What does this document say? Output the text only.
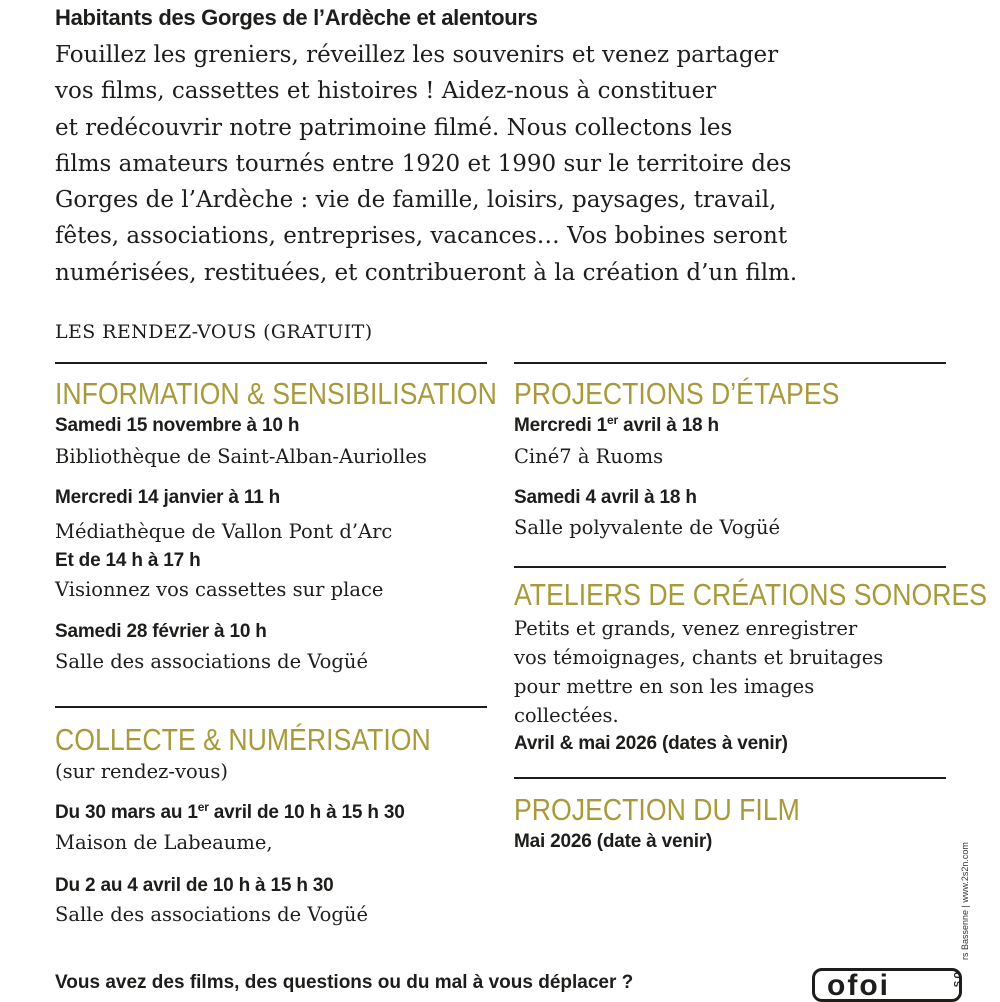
Habitants des Gorges de l’Ardèche et alentours
Fouillez les greniers, réveillez les souvenirs et venez partager
vos films, cassettes et histoires ! Aidez-nous à constituer
et redécouvrir notre patrimoine filmé. Nous collectons les
films amateurs tournés entre 1920 et 1990 sur le territoire des
Gorges de l’Ardèche : vie de famille, loisirs, paysages, travail,
fêtes, associations, entreprises, vacances… Vos bobines seront
numérisées, restituées, et contribueront à la création d’un film.
LES RENDEZ-VOUS (GRATUIT)
INFORMATION & SENSIBILISATION
Samedi 15 novembre à 10 h
Bibliothèque de Saint-Alban-Auriolles
Mercredi 14 janvier à 11 h
Médiathèque de Vallon Pont d’Arc
Et de 14 h à 17 h
Visionnez vos cassettes sur place
Samedi 28 février à 10 h
Salle des associations de Vogüé
COLLECTE & NUMÉRISATION
(sur rendez-vous)
Du 30 mars au 1er avril de 10 h à 15 h 30
Maison de Labeaume,
Du 2 au 4 avril de 10 h à 15 h 30
Salle des associations de Vogüé
PROJECTIONS D’ÉTAPES
Mercredi 1er avril à 18 h
Ciné7 à Ruoms
Samedi 4 avril à 18 h
Salle polyvalente de Vogüé
ATELIERS DE CRÉATIONS SONORES
Petits et grands, venez enregistrer
vos témoignages, chants et bruitages
pour mettre en son les images
collectées.
Avril & mai 2026 (dates à venir)
PROJECTION DU FILM
Mai 2026 (date à venir)
Vous avez des films, des questions ou du mal à vous déplacer ?
rs Bassenne | www.2s2n.com
ofoi	U S
